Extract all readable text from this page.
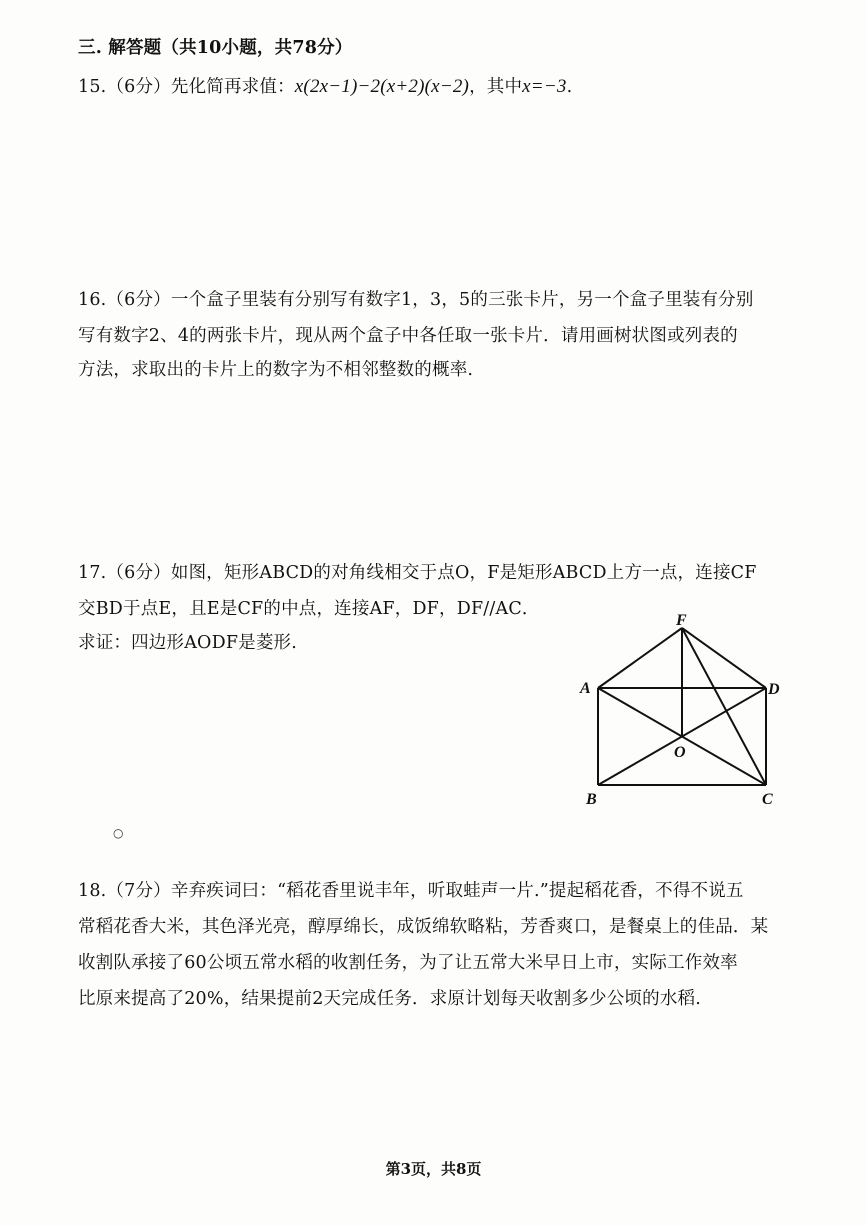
三. 解答题（共10小题，共78分）
15.（6分）先化简再求值：x(2x−1)−2(x+2)(x−2)，其中x=−3.
16.（6分）一个盒子里装有分别写有数字1，3，5的三张卡片，另一个盒子里装有分别
写有数字2、4的两张卡片，现从两个盒子中各任取一张卡片．请用画树状图或列表的
方法，求取出的卡片上的数字为不相邻整数的概率.
17.（6分）如图，矩形ABCD的对角线相交于点O，F是矩形ABCD上方一点，连接CF
交BD于点E，且E是CF的中点，连接AF，DF，DF//AC．
求证：四边形AODF是菱形.
F
A	D
O
B	C
○
18.（7分）辛弃疾词曰：“稻花香里说丰年，听取蛙声一片.”提起稻花香，不得不说五
常稻花香大米，其色泽光亮，醇厚绵长，成饭绵软略粘，芳香爽口，是餐桌上的佳品．某
收割队承接了60公顷五常水稻的收割任务，为了让五常大米早日上市，实际工作效率
比原来提高了20%，结果提前2天完成任务．求原计划每天收割多少公顷的水稻.
第3页，共8页
